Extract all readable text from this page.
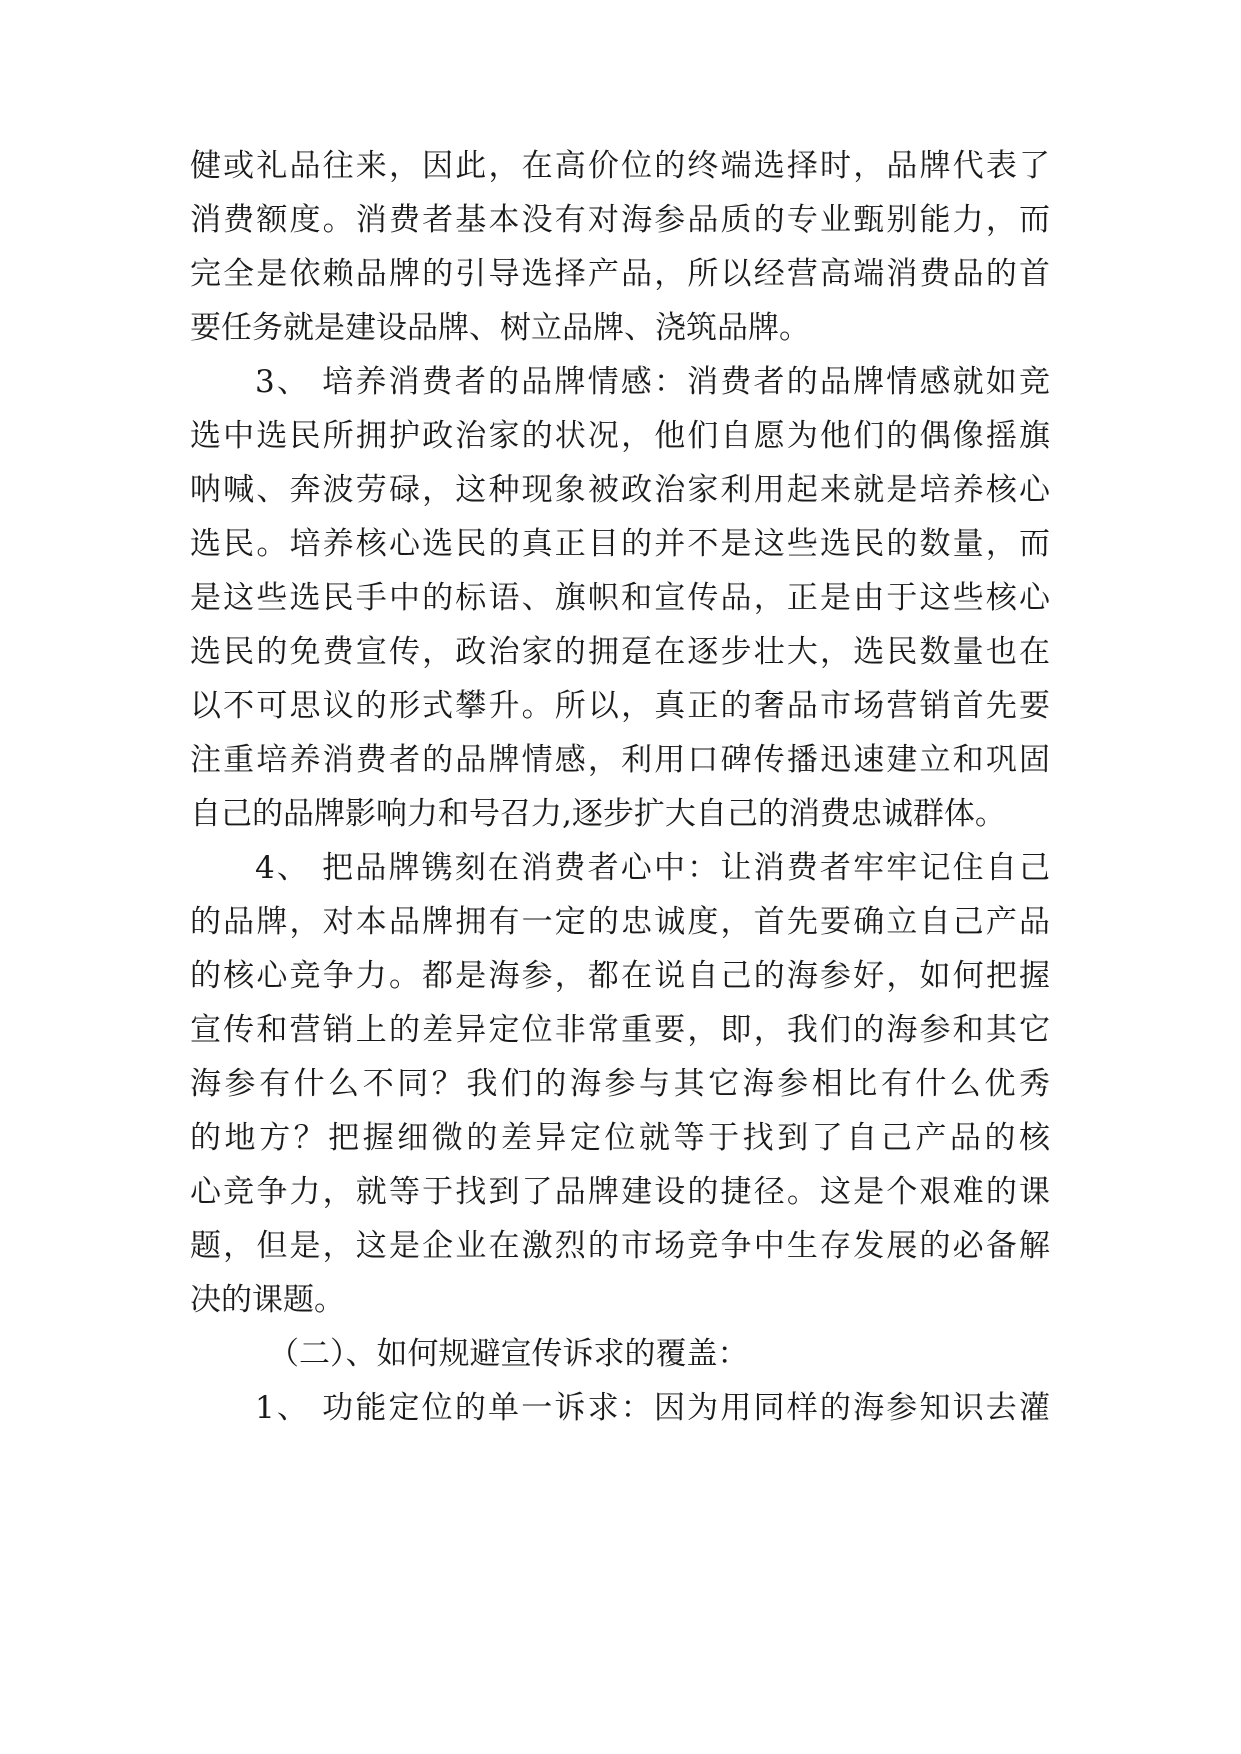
健或礼品往来，因此，在高价位的终端选择时，品牌代表了
消费额度。消费者基本没有对海参品质的专业甄别能力，而
完全是依赖品牌的引导选择产品，所以经营高端消费品的首
要任务就是建设品牌、树立品牌、浇筑品牌。
3、 培养消费者的品牌情感：消费者的品牌情感就如竞
选中选民所拥护政治家的状况，他们自愿为他们的偶像摇旗
呐喊、奔波劳碌，这种现象被政治家利用起来就是培养核心
选民。培养核心选民的真正目的并不是这些选民的数量，而
是这些选民手中的标语、旗帜和宣传品，正是由于这些核心
选民的免费宣传，政治家的拥趸在逐步壮大，选民数量也在
以不可思议的形式攀升。所以，真正的奢品市场营销首先要
注重培养消费者的品牌情感，利用口碑传播迅速建立和巩固
自己的品牌影响力和号召力,逐步扩大自己的消费忠诚群体。
4、 把品牌镌刻在消费者心中：让消费者牢牢记住自己
的品牌，对本品牌拥有一定的忠诚度，首先要确立自己产品
的核心竞争力。都是海参，都在说自己的海参好，如何把握
宣传和营销上的差异定位非常重要，即，我们的海参和其它
海参有什么不同？我们的海参与其它海参相比有什么优秀
的地方？把握细微的差异定位就等于找到了自己产品的核
心竞争力，就等于找到了品牌建设的捷径。这是个艰难的课
题，但是，这是企业在激烈的市场竞争中生存发展的必备解
决的课题。
（二）、如何规避宣传诉求的覆盖：
1、 功能定位的单一诉求：因为用同样的海参知识去灌
